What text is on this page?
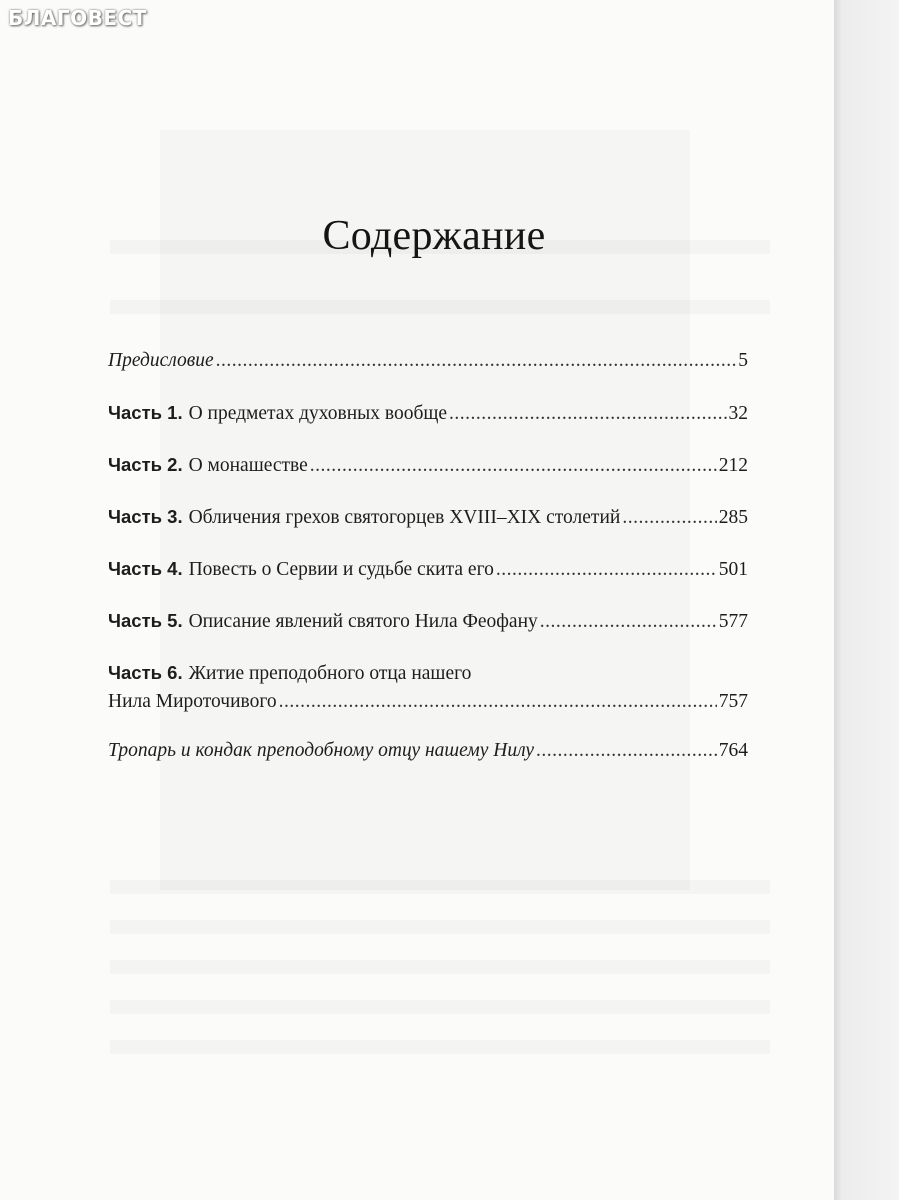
БЛАГОВЕСТ
Содержание
Предисловие .....	5
Часть 1. О предметах духовных вообще .....	32
Часть 2. О монашестве .....	212
Часть 3. Обличения грехов святогорцев XVIII–XIX столетий .....	285
Часть 4. Повесть о Сервии и судьбе скита его .....	501
Часть 5. Описание явлений святого Нила Феофану .....	577
Часть 6. Житие преподобного отца нашего
Нила Мироточивого .....	757
Тропарь и кондак преподобному отцу нашему Нилу .....	764
